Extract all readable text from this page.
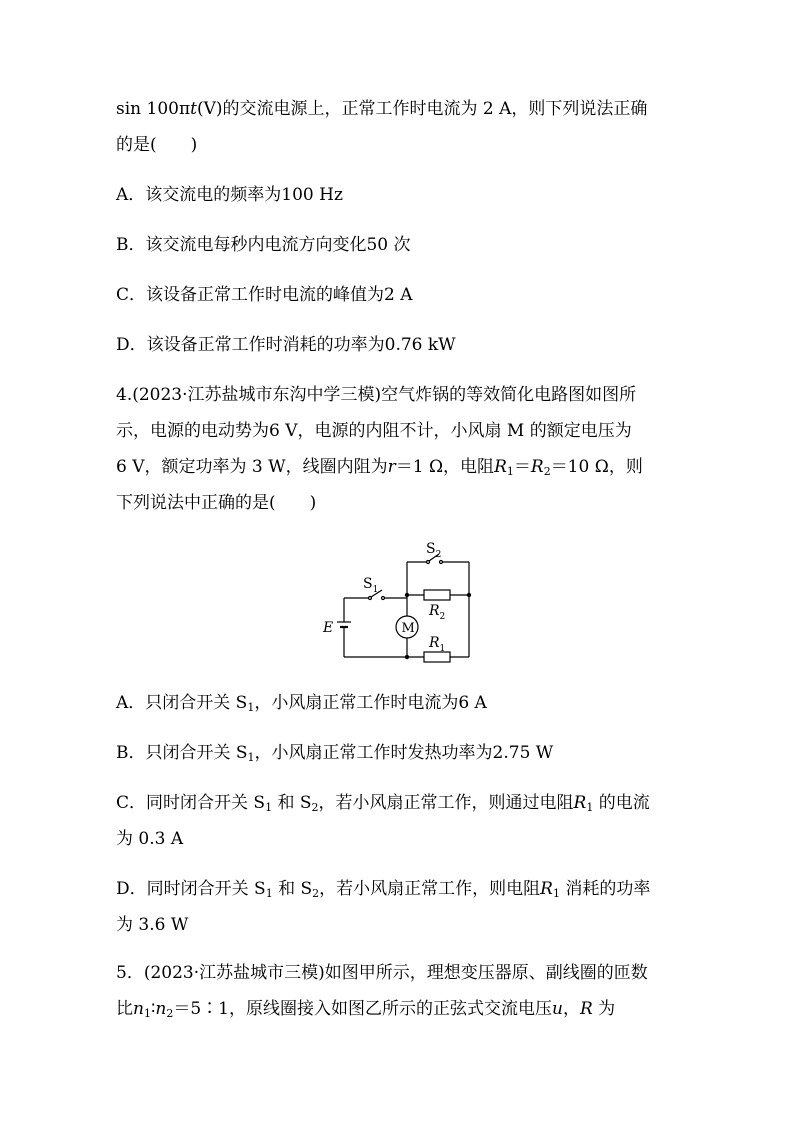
sin 100πt(V)的交流电源上，正常工作时电流为 2 A，则下列说法正确
的是(　　)
A．该交流电的频率为100 Hz
B．该交流电每秒内电流方向变化50 次
C．该设备正常工作时电流的峰值为2 A
D．该设备正常工作时消耗的功率为0.76 kW
4.(2023·江苏盐城市东沟中学三模)空气炸锅的等效简化电路图如图所
示，电源的电动势为6 V，电源的内阻不计，小风扇 M 的额定电压为
6 V，额定功率为 3 W，线圈内阻为r＝1 Ω，电阻$R_1=R_2=10$ Ω，则
下列说法中正确的是(　　)
E
$S_1$
$S_2$
M
$R_2$
$R_1$
A．只闭合开关 $S_1$，小风扇正常工作时电流为6 A
B．只闭合开关 $S_1$，小风扇正常工作时发热功率为2.75 W
C．同时闭合开关 $S_1$ 和 $S_2$，若小风扇正常工作，则通过电阻$R_1$ 的电流
为 0.3 A
D．同时闭合开关 $S_1$ 和 $S_2$，若小风扇正常工作，则电阻$R_1$ 消耗的功率
为 3.6 W
5．(2023·江苏盐城市三模)如图甲所示，理想变压器原、副线圈的匝数
比$n_1∶n_2=5∶1$，原线圈接入如图乙所示的正弦式交流电压u，R 为
